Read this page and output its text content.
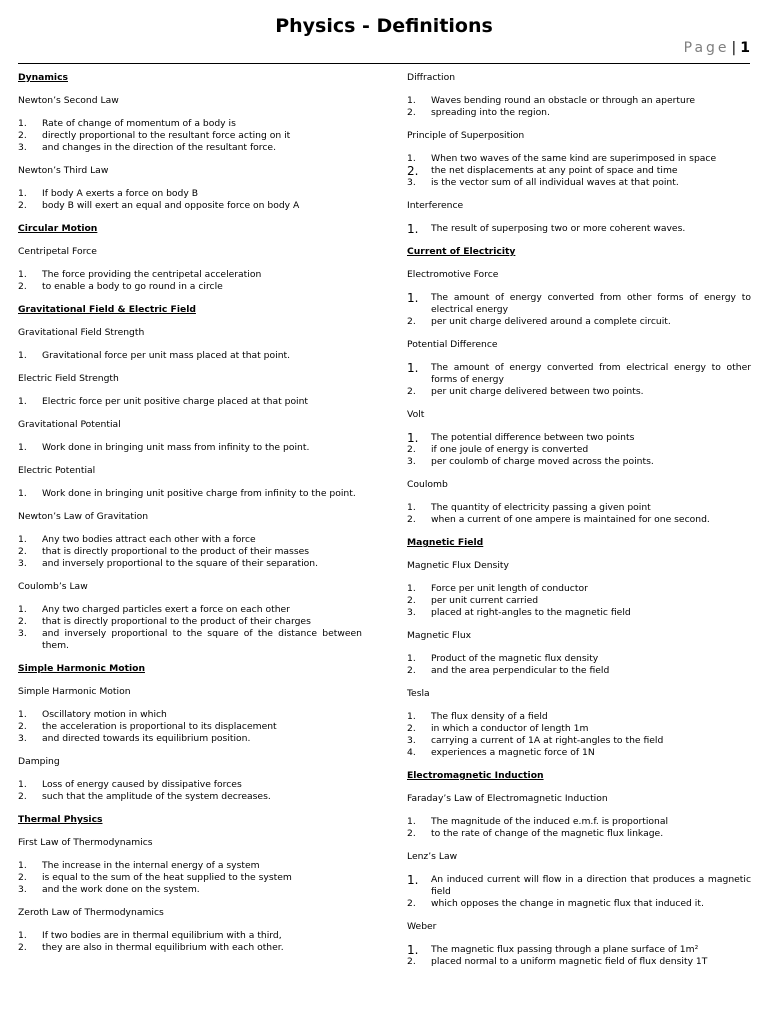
Physics - Definitions
Page | 1
Dynamics
Newton’s Second Law
1.	Rate of change of momentum of a body is
2.	directly proportional to the resultant force acting on it
3.	and changes in the direction of the resultant force.
Newton’s Third Law
1.	If body A exerts a force on body B
2.	body B will exert an equal and opposite force on body A
Circular Motion
Centripetal Force
1.	The force providing the centripetal acceleration
2.	to enable a body to go round in a circle
Gravitational Field & Electric Field
Gravitational Field Strength
1.	Gravitational force per unit mass placed at that point.
Electric Field Strength
1.	Electric force per unit positive charge placed at that point
Gravitational Potential
1.	Work done in bringing unit mass from infinity to the point.
Electric Potential
1.	Work done in bringing unit positive charge from infinity to the point.
Newton’s Law of Gravitation
1.	Any two bodies attract each other with a force
2.	that is directly proportional to the product of their masses
3.	and inversely proportional to the square of their separation.
Coulomb’s Law
1.	Any two charged particles exert a force on each other
2.	that is directly proportional to the product of their charges
3.	and inversely proportional to the square of the distance between them.
Simple Harmonic Motion
Simple Harmonic Motion
1.	Oscillatory motion in which
2.	the acceleration is proportional to its displacement
3.	and directed towards its equilibrium position.
Damping
1.	Loss of energy caused by dissipative forces
2.	such that the amplitude of the system decreases.
Thermal Physics
First Law of Thermodynamics
1.	The increase in the internal energy of a system
2.	is equal to the sum of the heat supplied to the system
3.	and the work done on the system.
Zeroth Law of Thermodynamics
1.	If two bodies are in thermal equilibrium with a third,
2.	they are also in thermal equilibrium with each other.
Diffraction
1.	Waves bending round an obstacle or through an aperture
2.	spreading into the region.
Principle of Superposition
1.	When two waves of the same kind are superimposed in space
2.	the net displacements at any point of space and time
3.	is the vector sum of all individual waves at that point.
Interference
1.	The result of superposing two or more coherent waves.
Current of Electricity
Electromotive Force
1.	The amount of energy converted from other forms of energy to electrical energy
2.	per unit charge delivered around a complete circuit.
Potential Difference
1.	The amount of energy converted from electrical energy to other forms of energy
2.	per unit charge delivered between two points.
Volt
1.	The potential difference between two points
2.	if one joule of energy is converted
3.	per coulomb of charge moved across the points.
Coulomb
1.	The quantity of electricity passing a given point
2.	when a current of one ampere is maintained for one second.
Magnetic Field
Magnetic Flux Density
1.	Force per unit length of conductor
2.	per unit current carried
3.	placed at right-angles to the magnetic field
Magnetic Flux
1.	Product of the magnetic flux density
2.	and the area perpendicular to the field
Tesla
1.	The flux density of a field
2.	in which a conductor of length 1m
3.	carrying a current of 1A at right-angles to the field
4.	experiences a magnetic force of 1N
Electromagnetic Induction
Faraday’s Law of Electromagnetic Induction
1.	The magnitude of the induced e.m.f. is proportional
2.	to the rate of change of the magnetic flux linkage.
Lenz’s Law
1.	An induced current will flow in a direction that produces a magnetic field
2.	which opposes the change in magnetic flux that induced it.
Weber
1.	The magnetic flux passing through a plane surface of 1m²
2.	placed normal to a uniform magnetic field of flux density 1T
